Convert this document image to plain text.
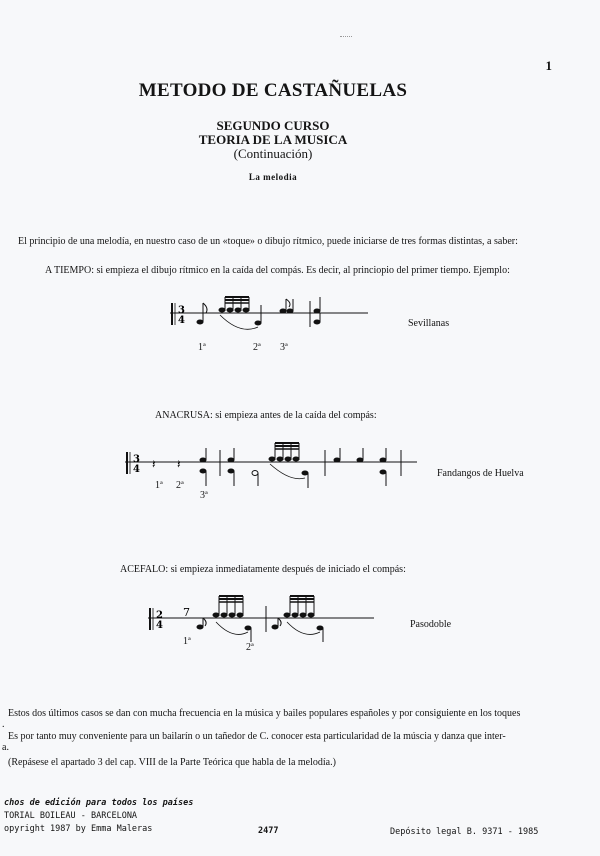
1
METODO DE CASTAÑUELAS
SEGUNDO CURSO
TEORIA DE LA MUSICA
(Continuación)
La melodia
El principio de una melodía, en nuestro caso de un «toque» o dibujo rítmico, puede iniciarse de tres formas distintas, a saber:
A TIEMPO: si empieza el dibujo rítmico en la caída del compás. Es decir, al princiopio del primer tiempo. Ejemplo:
3
4
1ª	2ª 3ª
Sevillanas
ANACRUSA: si empieza antes de la caída del compás:
3
4 𝄽 𝄽
1ª 2ª
3ª
Fandangos de Huelva
ACEFALO: si empieza inmediatamente después de iniciado el compás:
2
4
7
1ª
2ª
Pasodoble
Estos dos últimos casos se dan con mucha frecuencia en la música y bailes populares españoles y por consiguiente en los toques
.
Es por tanto muy conveniente para un bailarín o un tañedor de C. conocer esta particularidad de la múscia y danza que inter-
a.
(Repásese el apartado 3 del cap. VIII de la Parte Teórica que habla de la melodía.)
chos de edición para todos los países
TORIAL BOILEAU - BARCELONA
opyright 1987 by Emma Maleras	2477	Depósito legal B. 9371 - 1985
